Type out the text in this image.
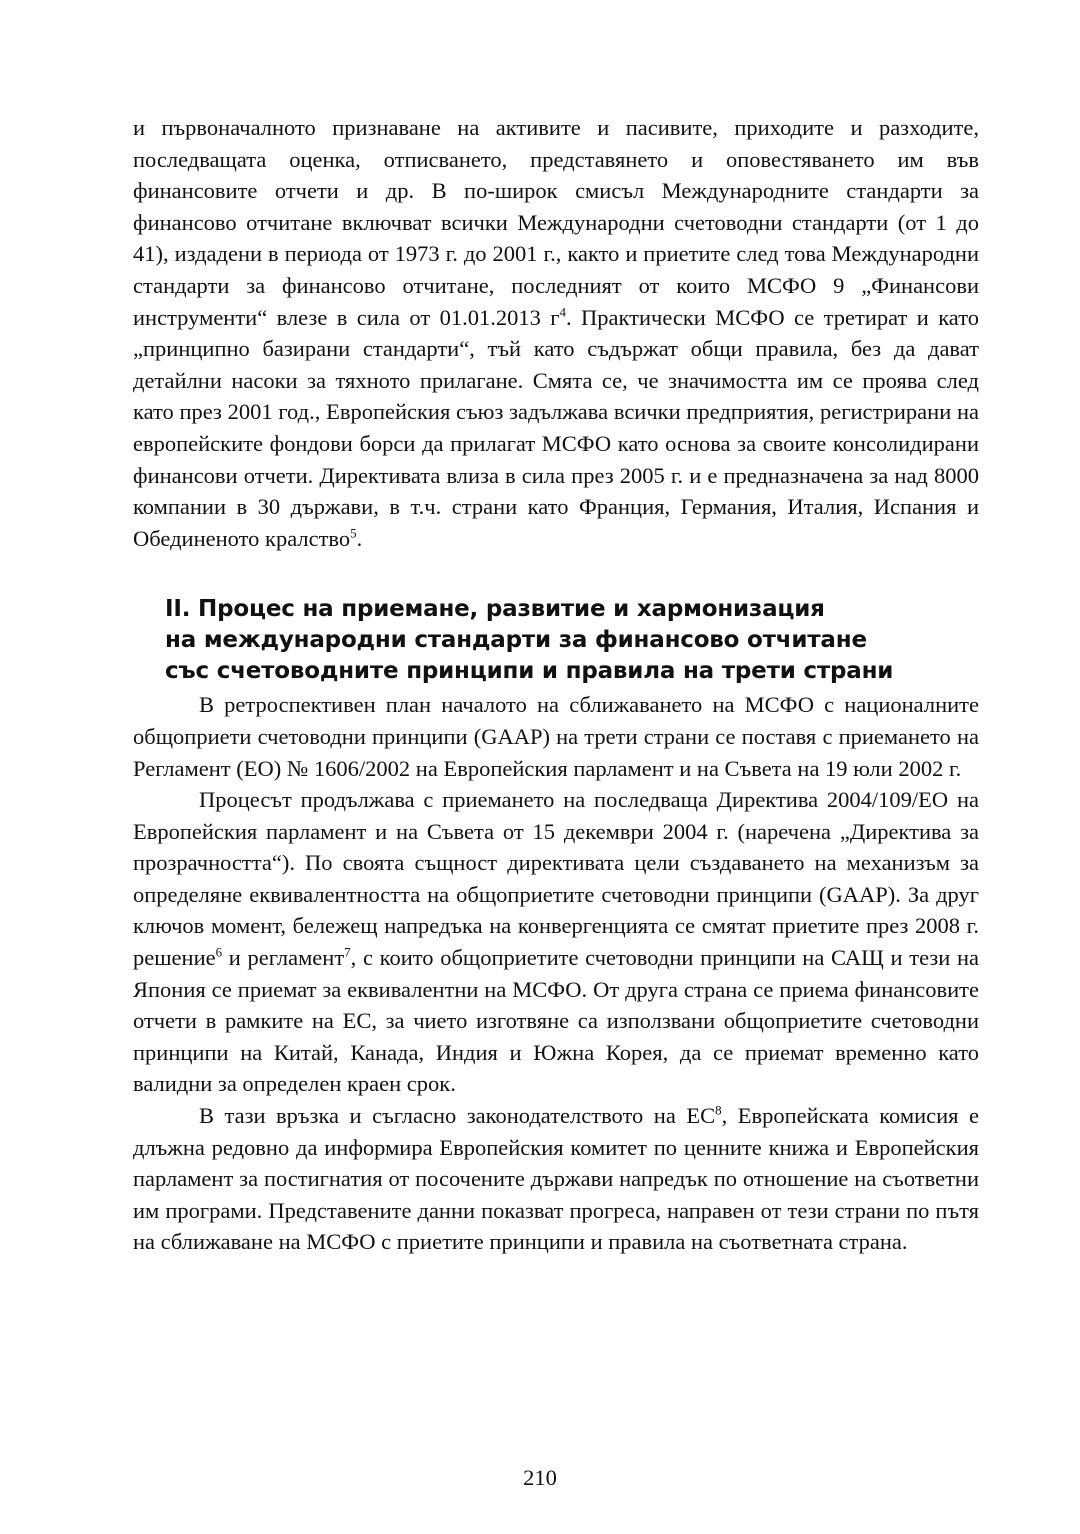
и първоначалното признаване на активите и пасивите, приходите и разходите, последващата оценка, отписването, представянето и оповестяването им във финансовите отчети и др. В по-широк смисъл Международните стандарти за финансово отчитане включват всички Международни счетоводни стандарти (от 1 до 41), издадени в периода от 1973 г. до 2001 г., както и приетите след това Международни стандарти за финансово отчитане, последният от които МСФО 9 „Финансови инструменти“ влезе в сила от 01.01.2013 $г^4$. Практически МСФО се третират и като „принципно базирани стандарти“, тъй като съдържат общи правила, без да дават детайлни насоки за тяхното прилагане. Смята се, че значимостта им се проява след като през 2001 год., Европейския съюз задължава всички предприятия, регистрирани на европейските фондови борси да прилагат МСФО като основа за своите консолидирани финансови отчети. Директивата влиза в сила през 2005 г. и е предназначена за над 8000 компании в 30 държави, в т.ч. страни като Франция, Германия, Италия, Испания и Обединеното кралство$^5$.

II. Процес на приемане, развитие и хармонизация
на международни стандарти за финансово отчитане
със счетоводните принципи и правила на трети страни

В ретроспективен план началото на сближаването на МСФО с националните общоприети счетоводни принципи (GAAP) на трети страни се поставя с приемането на Регламент (ЕО) № 1606/2002 на Европейския парламент и на Съвета на 19 юли 2002 г.

Процесът продължава с приемането на последваща Директива 2004/109/ЕО на Европейския парламент и на Съвета от 15 декември 2004 г. (наречена „Директива за прозрачността“). По своята същност директивата цели създаването на механизъм за определяне еквивалентността на общоприетите счетоводни принципи (GAAP). За друг ключов момент, бележещ напредъка на конвергенцията се смятат приетите през 2008 г. решение$^6$ и регламент$^7$, с които общоприетите счетоводни принципи на САЩ и тези на Япония се приемат за еквивалентни на МСФО. От друга страна се приема финансовите отчети в рамките на ЕС, за чието изготвяне са използвани общоприетите счетоводни принципи на Китай, Канада, Индия и Южна Корея, да се приемат временно като валидни за определен краен срок.

В тази връзка и съгласно законодателството на $ЕС^8$, Европейската комисия е длъжна редовно да информира Европейския комитет по ценните книжа и Европейския парламент за постигнатия от посочените държави напредък по отношение на съответни им програми. Представените данни показват прогреса, направен от тези страни по пътя на сближаване на МСФО с приетите принципи и правила на съответната страна.

210
